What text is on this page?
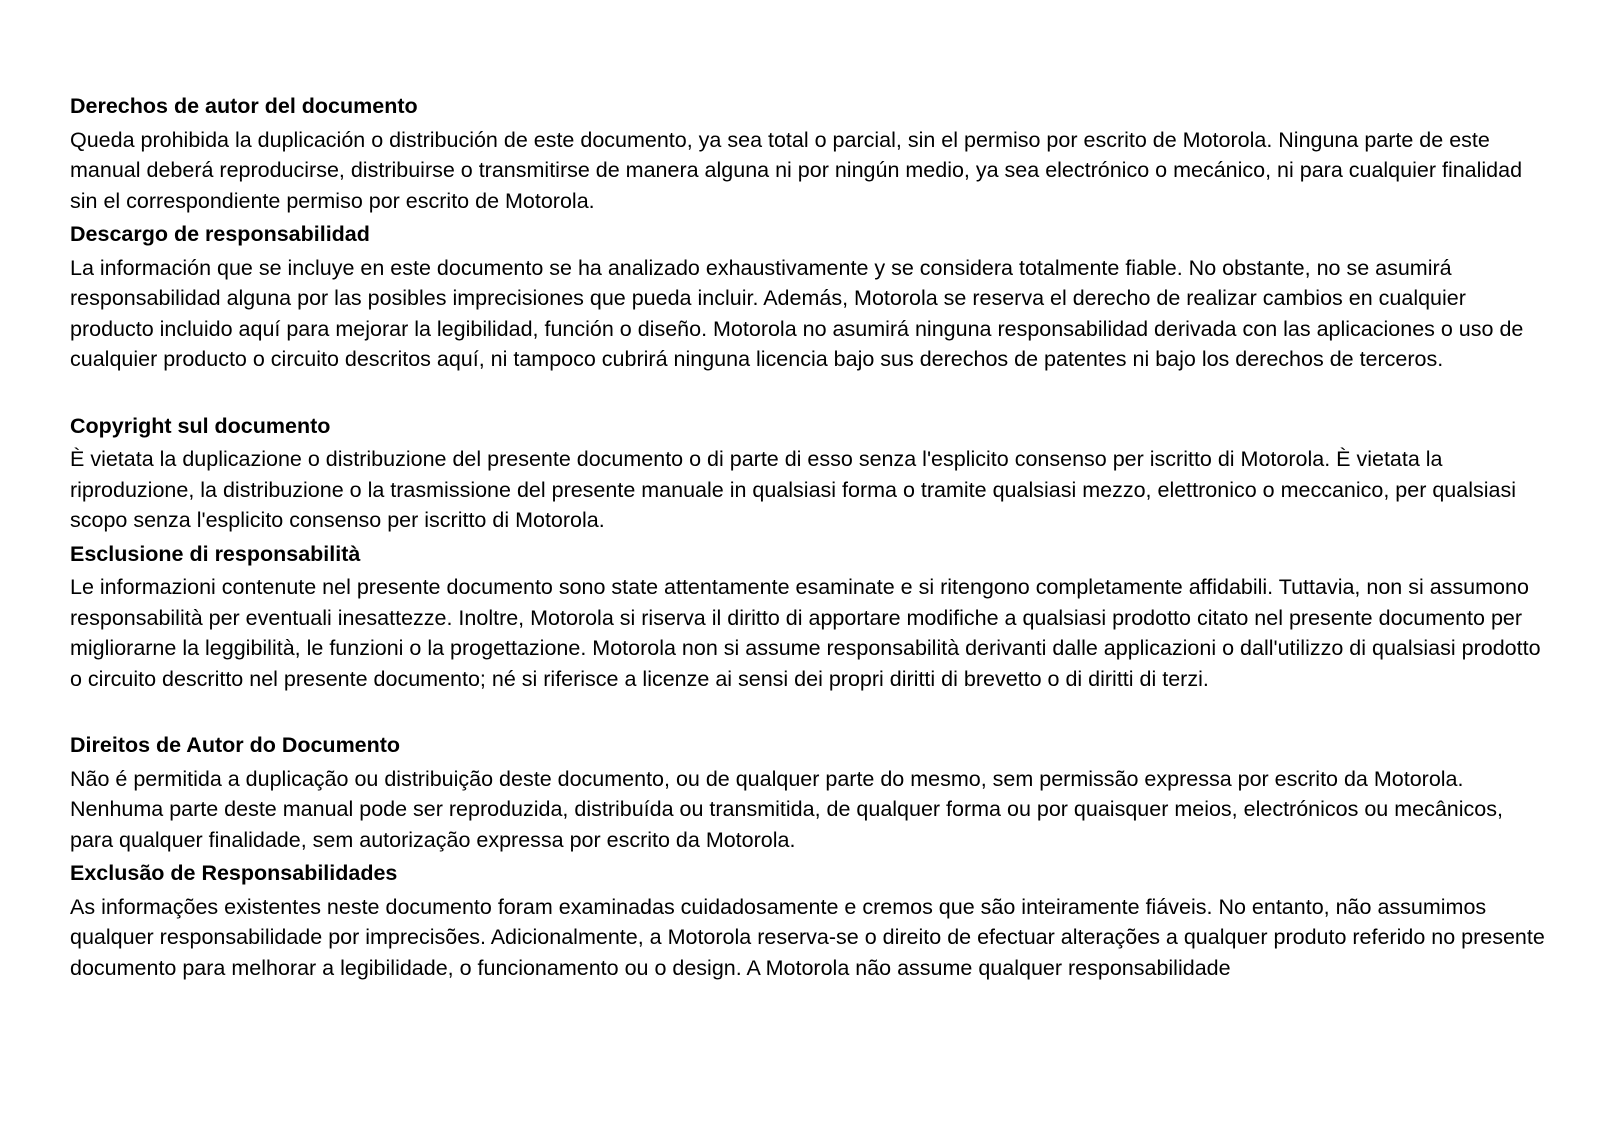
Derechos de autor del documento

Queda prohibida la duplicación o distribución de este documento, ya sea total o parcial, sin el permiso por escrito de Motorola. Ninguna parte de este manual deberá reproducirse, distribuirse o transmitirse de manera alguna ni por ningún medio, ya sea electrónico o mecánico, ni para cualquier finalidad sin el correspondiente permiso por escrito de Motorola.

Descargo de responsabilidad

La información que se incluye en este documento se ha analizado exhaustivamente y se considera totalmente fiable. No obstante, no se asumirá responsabilidad alguna por las posibles imprecisiones que pueda incluir. Además, Motorola se reserva el derecho de realizar cambios en cualquier producto incluido aquí para mejorar la legibilidad, función o diseño. Motorola no asumirá ninguna responsabilidad derivada con las aplicaciones o uso de cualquier producto o circuito descritos aquí, ni tampoco cubrirá ninguna licencia bajo sus derechos de patentes ni bajo los derechos de terceros.

Copyright sul documento

È vietata la duplicazione o distribuzione del presente documento o di parte di esso senza l'esplicito consenso per iscritto di Motorola. È vietata la riproduzione, la distribuzione o la trasmissione del presente manuale in qualsiasi forma o tramite qualsiasi mezzo, elettronico o meccanico, per qualsiasi scopo senza l'esplicito consenso per iscritto di Motorola.

Esclusione di responsabilità

Le informazioni contenute nel presente documento sono state attentamente esaminate e si ritengono completamente affidabili. Tuttavia, non si assumono responsabilità per eventuali inesattezze. Inoltre, Motorola si riserva il diritto di apportare modifiche a qualsiasi prodotto citato nel presente documento per migliorarne la leggibilità, le funzioni o la progettazione. Motorola non si assume responsabilità derivanti dalle applicazioni o dall'utilizzo di qualsiasi prodotto o circuito descritto nel presente documento; né si riferisce a licenze ai sensi dei propri diritti di brevetto o di diritti di terzi.

Direitos de Autor do Documento

Não é permitida a duplicação ou distribuição deste documento, ou de qualquer parte do mesmo, sem permissão expressa por escrito da Motorola. Nenhuma parte deste manual pode ser reproduzida, distribuída ou transmitida, de qualquer forma ou por quaisquer meios, electrónicos ou mecânicos, para qualquer finalidade, sem autorização expressa por escrito da Motorola.

Exclusão de Responsabilidades

As informações existentes neste documento foram examinadas cuidadosamente e cremos que são inteiramente fiáveis. No entanto, não assumimos qualquer responsabilidade por imprecisões. Adicionalmente, a Motorola reserva-se o direito de efectuar alterações a qualquer produto referido no presente documento para melhorar a legibilidade, o funcionamento ou o design. A Motorola não assume qualquer responsabilidade
